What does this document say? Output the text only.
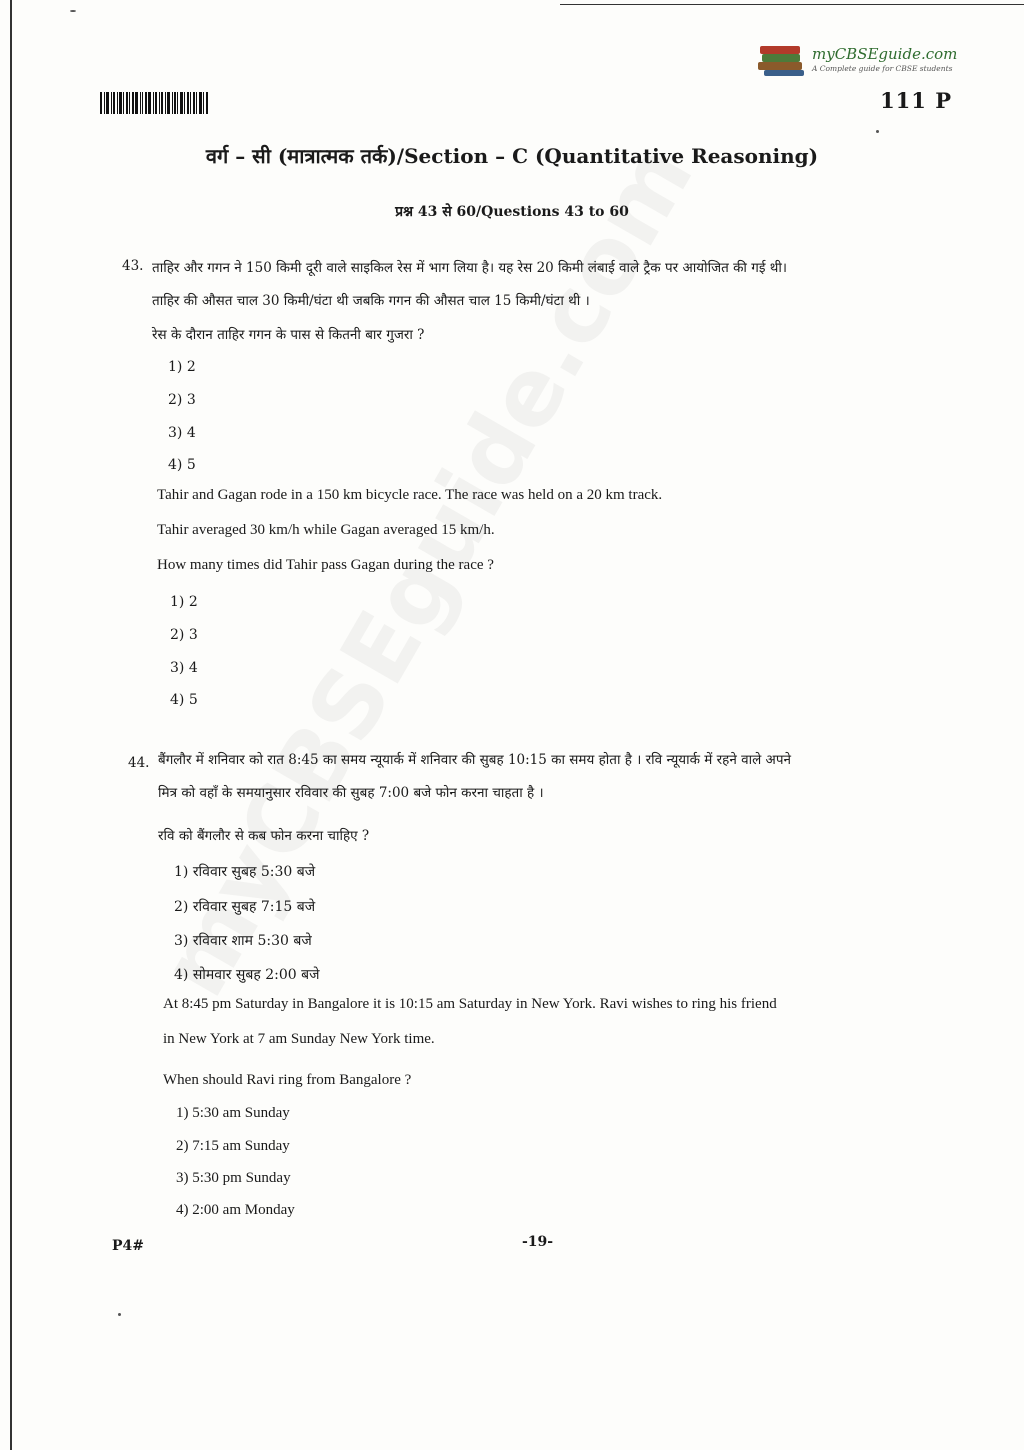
myCBSEguide.com
A Complete guide for CBSE students
111 P
वर्ग – सी (मात्रात्मक तर्क)/Section – C (Quantitative Reasoning)
प्रश्न 43 से 60/Questions 43 to 60
43. ताहिर और गगन ने 150 किमी दूरी वाले साइकिल रेस में भाग लिया है। यह रेस 20 किमी लंबाई वाले ट्रैक पर आयोजित की गई थी।
ताहिर की औसत चाल 30 किमी/घंटा थी जबकि गगन की औसत चाल 15 किमी/घंटा थी ।
रेस के दौरान ताहिर गगन के पास से कितनी बार गुजरा ?
1) 2
2) 3
3) 4
4) 5
Tahir and Gagan rode in a 150 km bicycle race. The race was held on a 20 km track.
Tahir averaged 30 km/h while Gagan averaged 15 km/h.
How many times did Tahir pass Gagan during the race ?
1) 2
2) 3
3) 4
4) 5
44. बैंगलौर में शनिवार को रात 8:45 का समय न्यूयार्क में शनिवार की सुबह 10:15 का समय होता है । रवि न्यूयार्क में रहने वाले अपने
मित्र को वहाँ के समयानुसार रविवार की सुबह 7:00 बजे फोन करना चाहता है ।
रवि को बैंगलौर से कब फोन करना चाहिए ?
1) रविवार सुबह 5:30 बजे
2) रविवार सुबह 7:15 बजे
3) रविवार शाम 5:30 बजे
4) सोमवार सुबह 2:00 बजे
At 8:45 pm Saturday in Bangalore it is 10:15 am Saturday in New York. Ravi wishes to ring his friend
in New York at 7 am Sunday New York time.
When should Ravi ring from Bangalore ?
1) 5:30 am Sunday
2) 7:15 am Sunday
3) 5:30 pm Sunday
4) 2:00 am Monday
P4#	-19-
